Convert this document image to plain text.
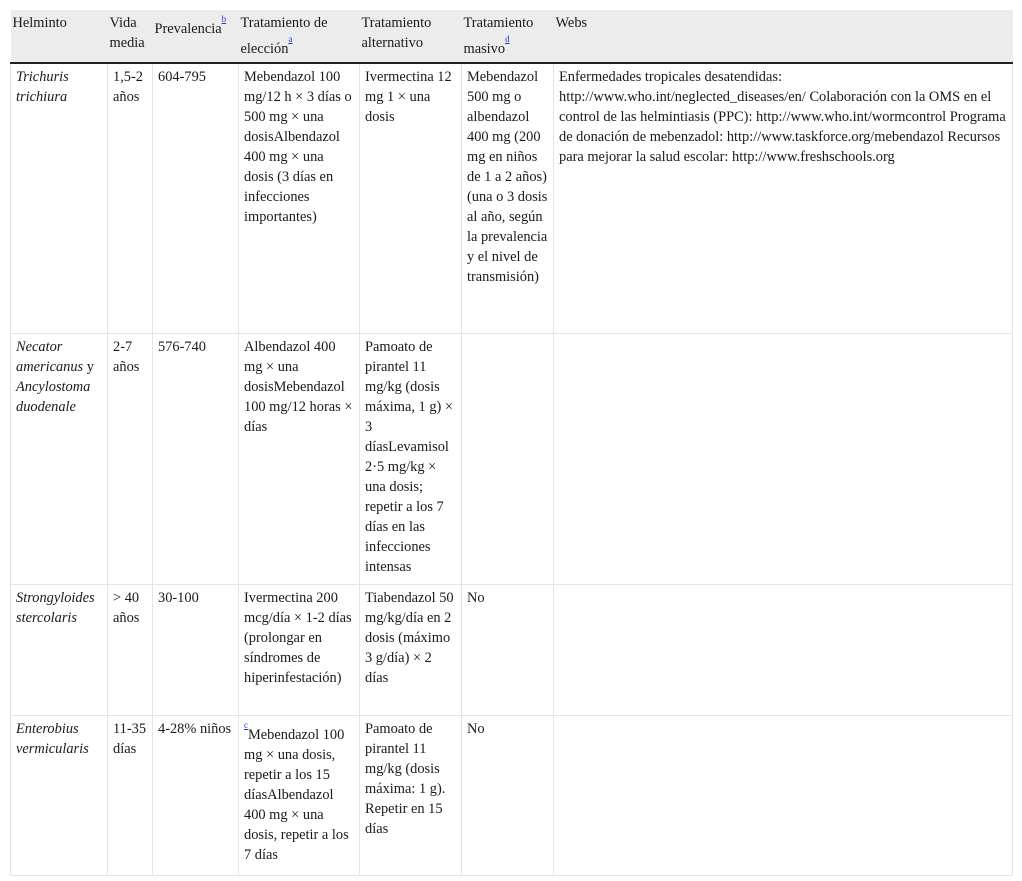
Helminto	Vida media	Prevalencia$^{^b}$	Tratamiento de elección$^{^a}$	Tratamiento alternativo	Tratamiento masivo$^{^d}$	Webs
Trichuris trichiura	1,5-2 años	604-795	Mebendazol 100 mg/12 h × 3 días o 500 mg × una dosisAlbendazol 400 mg × una dosis (3 días en infecciones importantes)	Ivermectina 12 mg 1 × una dosis	Mebendazol 500 mg o albendazol 400 mg (200 mg en niños de 1 a 2 años)(una o 3 dosis al año, según la prevalencia y el nivel de transmisión)	Enfermedades tropicales desatendidas: http://www.who.int/neglected_diseases/en/ Colaboración con la OMS en el control de las helmintiasis (PPC): http://www.who.int/wormcontrol Programa de donación de mebenzadol: http://www.taskforce.org/mebendazol Recursos para mejorar la salud escolar: http://www.freshschools.org
Necator americanus y Ancylostoma duodenale	2-7 años	576-740	Albendazol 400 mg × una dosisMebendazol 100 mg/12 horas × días	Pamoato de pirantel 11 mg/kg (dosis máxima, 1 g) × 3 díasLevamisol 2·5 mg/kg × una dosis; repetir a los 7 días en las infecciones intensas		
Strongyloides stercolaris	> 40 años	30-100	Ivermectina 200 mcg/día × 1-2 días (prolongar en síndromes de hiperinfestación)	Tiabendazol 50 mg/kg/día en 2 dosis (máximo 3 g/día) × 2 días	No	
Enterobius vermicularis	11-35 días	4-28% niños	$^{^c}$Mebendazol 100 mg × una dosis, repetir a los 15 díasAlbendazol 400 mg × una dosis, repetir a los 7 días	Pamoato de pirantel 11 mg/kg (dosis máxima: 1 g). Repetir en 15 días	No	
